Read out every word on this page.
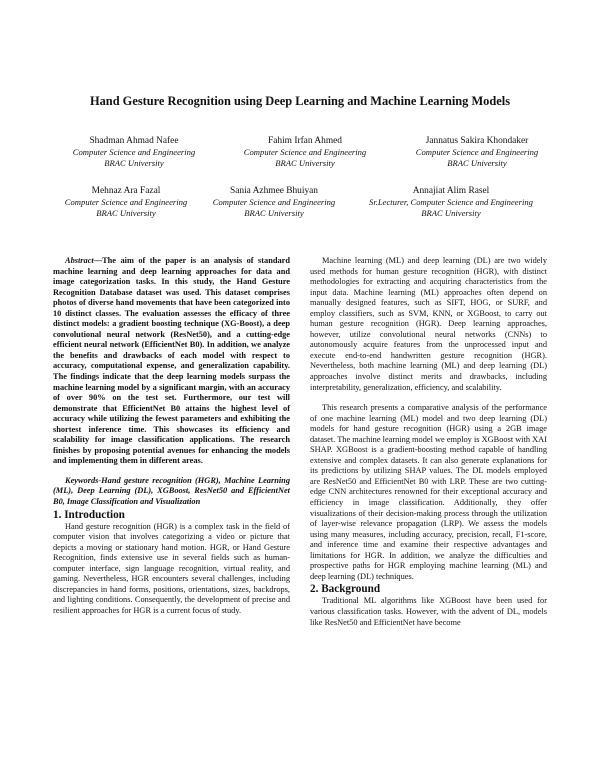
Hand Gesture Recognition using Deep Learning and Machine Learning Models
Shadman Ahmad Nafee
Computer Science and Engineering
BRAC University
Fahim Irfan Ahmed
Computer Science and Engineering
BRAC University
Jannatus Sakira Khondaker
Computer Science and Engineering
BRAC University
Mehnaz Ara Fazal
Computer Science and Engineering
BRAC University
Sania Azhmee Bhuiyan
Computer Science and Engineering
BRAC University
Annajiat Alim Rasel
Sr.Lecturer, Computer Science and Engineering
BRAC University

Abstract—The aim of the paper is an analysis of standard machine learning and deep learning approaches for data and image categorization tasks. In this study, the Hand Gesture Recognition Database dataset was used. This dataset comprises photos of diverse hand movements that have been categorized into 10 distinct classes. The evaluation assesses the efficacy of three distinct models: a gradient boosting technique (XG-Boost), a deep convolutional neural network (ResNet50), and a cutting-edge efficient neural network (EfficientNet B0). In addition, we analyze the benefits and drawbacks of each model with respect to accuracy, computational expense, and generalization capability. The findings indicate that the deep learning models surpass the machine learning model by a significant margin, with an accuracy of over 90% on the test set. Furthermore, our test will demonstrate that EfficientNet B0 attains the highest level of accuracy while utilizing the fewest parameters and exhibiting the shortest inference time. This showcases its efficiency and scalability for image classification applications. The research finishes by proposing potential avenues for enhancing the models and implementing them in different areas.

Keywords-Hand gesture recognition (HGR), Machine Learning (ML), Deep Learning (DL), XGBoost, ResNet50 and EfficientNet B0, Image Classification and Visualization

1. Introduction

Hand gesture recognition (HGR) is a complex task in the field of computer vision that involves categorizing a video or picture that depicts a moving or stationary hand motion. HGR, or Hand Gesture Recognition, finds extensive use in several fields such as human-computer interface, sign language recognition, virtual reality, and gaming. Nevertheless, HGR encounters several challenges, including discrepancies in hand forms, positions, orientations, sizes, backdrops, and lighting conditions. Consequently, the development of precise and resilient approaches for HGR is a current focus of study.

Machine learning (ML) and deep learning (DL) are two widely used methods for human gesture recognition (HGR), with distinct methodologies for extracting and acquiring characteristics from the input data. Machine learning (ML) approaches often depend on manually designed features, such as SIFT, HOG, or SURF, and employ classifiers, such as SVM, KNN, or XGBoost, to carry out human gesture recognition (HGR). Deep learning approaches, however, utilize convolutional neural networks (CNNs) to autonomously acquire features from the unprocessed input and execute end-to-end handwritten gesture recognition (HGR). Nevertheless, both machine learning (ML) and deep learning (DL) approaches involve distinct merits and drawbacks, including interpretability, generalization, efficiency, and scalability.

This research presents a comparative analysis of the performance of one machine learning (ML) model and two deep learning (DL) models for hand gesture recognition (HGR) using a 2GB image dataset. The machine learning model we employ is XGBoost with XAI SHAP. XGBoost is a gradient-boosting method capable of handling extensive and complex datasets. It can also generate explanations for its predictions by utilizing SHAP values. The DL models employed are ResNet50 and EfficientNet B0 with LRP. These are two cutting-edge CNN architectures renowned for their exceptional accuracy and efficiency in image classification. Additionally, they offer visualizations of their decision-making process through the utilization of layer-wise relevance propagation (LRP). We assess the models using many measures, including accuracy, precision, recall, F1-score, and inference time and examine their respective advantages and limitations for HGR. In addition, we analyze the difficulties and prospective paths for HGR employing machine learning (ML) and deep learning (DL) techniques.

2. Background

Traditional ML algorithms like XGBoost have been used for various classification tasks. However, with the advent of DL, models like ResNet50 and EfficientNet have become
